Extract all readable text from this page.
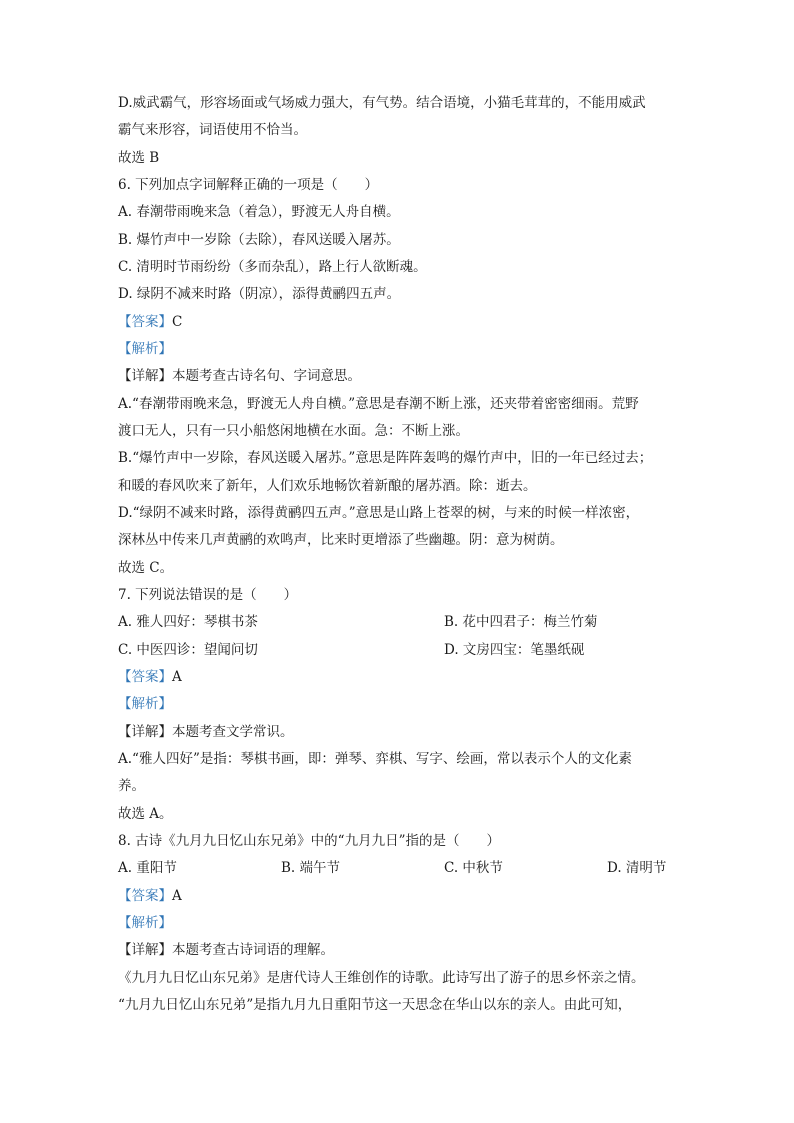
D.威武霸气，形容场面或气场威力强大，有气势。结合语境，小猫毛茸茸的，不能用威武
霸气来形容，词语使用不恰当。
故选 B
6. 下列加点字词解释正确的一项是（　　）
A. 春潮带雨晚来急（着急），野渡无人舟自横。
B. 爆竹声中一岁除（去除），春风送暖入屠苏。
C. 清明时节雨纷纷（多而杂乱），路上行人欲断魂。
D. 绿阴不减来时路（阴凉），添得黄鹂四五声。
【答案】C
【解析】
【详解】本题考查古诗名句、字词意思。
A.“春潮带雨晚来急，野渡无人舟自横。”意思是春潮不断上涨，还夹带着密密细雨。荒野
渡口无人，只有一只小船悠闲地横在水面。急：不断上涨。
B.“爆竹声中一岁除，春风送暖入屠苏。”意思是阵阵轰鸣的爆竹声中，旧的一年已经过去；
和暖的春风吹来了新年，人们欢乐地畅饮着新酿的屠苏酒。除：逝去。
D.“绿阴不减来时路，添得黄鹂四五声。”意思是山路上苍翠的树，与来的时候一样浓密，
深林丛中传来几声黄鹂的欢鸣声，比来时更增添了些幽趣。阴：意为树荫。
故选 C。
7. 下列说法错误的是（　　）
A. 雅人四好：琴棋书茶	B. 花中四君子：梅兰竹菊
C. 中医四诊：望闻问切	D. 文房四宝：笔墨纸砚
【答案】A
【解析】
【详解】本题考查文学常识。
A.“雅人四好”是指：琴棋书画，即：弹琴、弈棋、写字、绘画，常以表示个人的文化素
养。
故选 A。
8. 古诗《九月九日忆山东兄弟》中的“九月九日”指的是（　　）
A. 重阳节	B. 端午节	C. 中秋节	D. 清明节
【答案】A
【解析】
【详解】本题考查古诗词语的理解。
《九月九日忆山东兄弟》是唐代诗人王维创作的诗歌。此诗写出了游子的思乡怀亲之情。
“九月九日忆山东兄弟”是指九月九日重阳节这一天思念在华山以东的亲人。由此可知，
